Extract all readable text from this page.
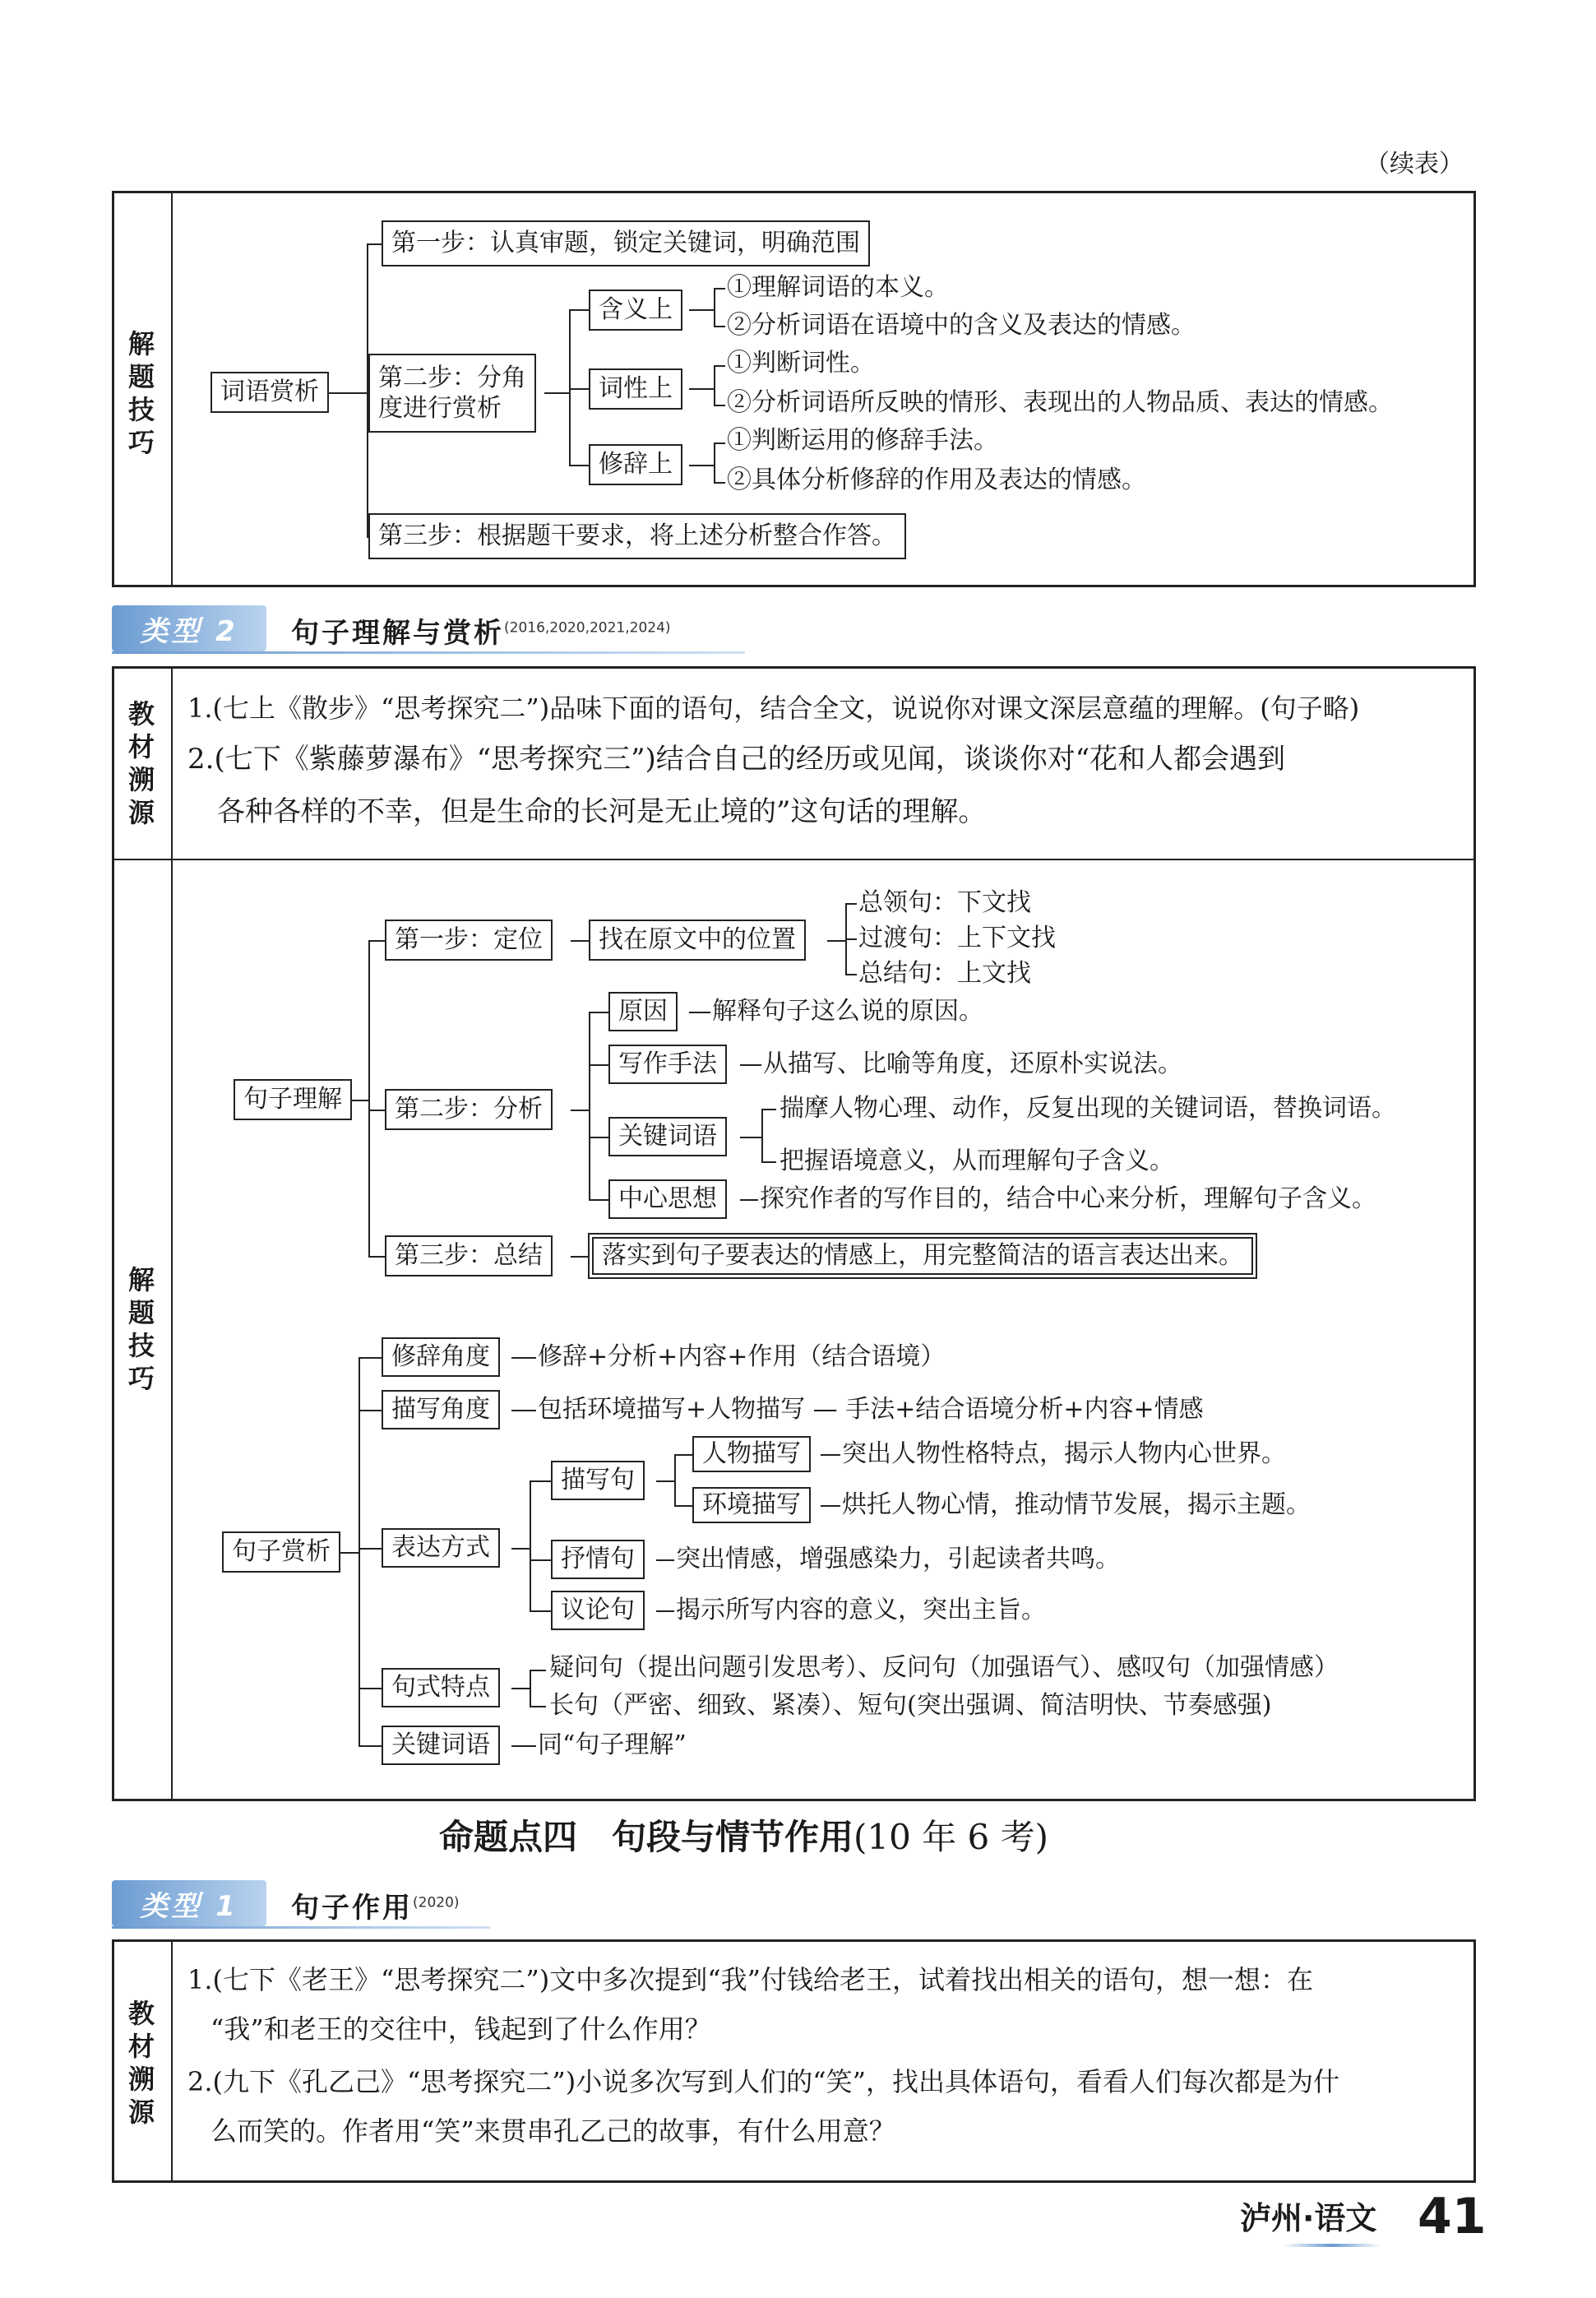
（续表）
解
题
技
巧
词语赏析
第一步：认真审题，锁定关键词，明确范围
第二步：分角
度进行赏析
第三步：根据题干要求，将上述分析整合作答。
含义上
词性上
修辞上
①理解词语的本义。
②分析词语在语境中的含义及表达的情感。
①判断词性。
②分析词语所反映的情形、表现出的人物品质、表达的情感。
①判断运用的修辞手法。
②具体分析修辞的作用及表达的情感。
类型 2	句子理解与赏析$^{(2016,2020,2021,2024)}$
教
材
溯
源
1.(七上《散步》“思考探究二”)品味下面的语句，结合全文，说说你对课文深层意蕴的理解。(句子略)
2.(七下《紫藤萝瀑布》“思考探究三”)结合自己的经历或见闻，谈谈你对“花和人都会遇到
各种各样的不幸，但是生命的长河是无止境的”这句话的理解。
解
题
技
巧
句子理解
第一步：定位	找在原文中的位置
总领句：下文找
过渡句：上下文找
总结句：上文找
第二步：分析
原因	解释句子这么说的原因。
写作手法	从描写、比喻等角度，还原朴实说法。
关键词语
揣摩人物心理、动作，反复出现的关键词语，替换词语。
把握语境意义，从而理解句子含义。
中心思想	探究作者的写作目的，结合中心来分析，理解句子含义。
第三步：总结	落实到句子要表达的情感上，用完整简洁的语言表达出来。
句子赏析
修辞角度	修辞+分析+内容+作用（结合语境）
描写角度	包括环境描写+人物描写 — 手法+结合语境分析+内容+情感
表达方式
描写句
人物描写	突出人物性格特点，揭示人物内心世界。
环境描写	烘托人物心情，推动情节发展，揭示主题。
抒情句	突出情感，增强感染力，引起读者共鸣。
议论句	揭示所写内容的意义，突出主旨。
句式特点
疑问句（提出问题引发思考）、反问句（加强语气）、感叹句（加强情感）
长句（严密、细致、紧凑）、短句(突出强调、简洁明快、节奏感强)
关键词语	同“句子理解”
命题点四　句段与情节作用(10 年 6 考)
类型 1	句子作用$^{(2020)}$
教
材
溯
源
1.(七下《老王》“思考探究二”)文中多次提到“我”付钱给老王，试着找出相关的语句，想一想：在
“我”和老王的交往中，钱起到了什么作用？
2.(九下《孔乙己》“思考探究二”)小说多次写到人们的“笑”，找出具体语句，看看人们每次都是为什
么而笑的。作者用“笑”来贯串孔乙己的故事，有什么用意？
泸州·语文 41
